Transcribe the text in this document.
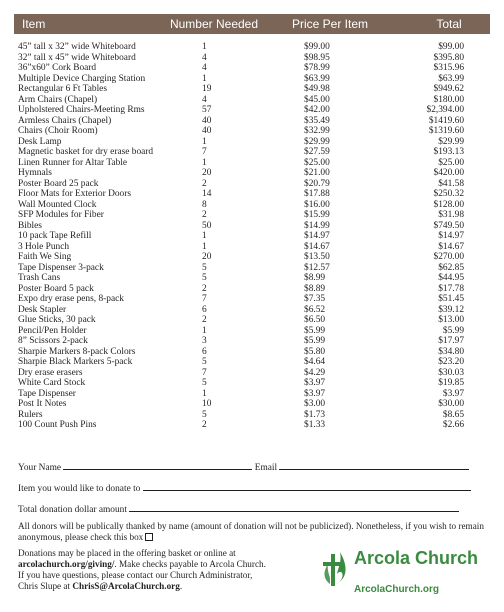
Item	Number Needed	Price Per Item	Total
45” tall x 32” wide Whiteboard	1	$99.00	$99.00
32” tall x 45” wide Whiteboard	4	$98.95	$395.80
36”x60” Cork Board	4	$78.99	$315.96
Multiple Device Charging Station	1	$63.99	$63.99
Rectangular 6 Ft Tables	19	$49.98	$949.62
Arm Chairs (Chapel)	4	$45.00	$180.00
Upholstered Chairs-Meeting Rms	57	$42.00	$2,394.00
Armless Chairs (Chapel)	40	$35.49	$1419.60
Chairs (Choir Room)	40	$32.99	$1319.60
Desk Lamp	1	$29.99	$29.99
Magnetic basket for dry erase board	7	$27.59	$193.13
Linen Runner for Altar Table	1	$25.00	$25.00
Hymnals	20	$21.00	$420.00
Poster Board 25 pack	2	$20.79	$41.58
Floor Mats for Exterior Doors	14	$17.88	$250.32
Wall Mounted Clock	8	$16.00	$128.00
SFP Modules for Fiber	2	$15.99	$31.98
Bibles	50	$14.99	$749.50
10 pack Tape Refill	1	$14.97	$14.97
3 Hole Punch	1	$14.67	$14.67
Faith We Sing	20	$13.50	$270.00
Tape Dispenser 3-pack	5	$12.57	$62.85
Trash Cans	5	$8.99	$44.95
Poster Board 5 pack	2	$8.89	$17.78
Expo dry erase pens, 8-pack	7	$7.35	$51.45
Desk Stapler	6	$6.52	$39.12
Glue Sticks, 30 pack	2	$6.50	$13.00
Pencil/Pen Holder	1	$5.99	$5.99
8” Scissors 2-pack	3	$5.99	$17.97
Sharpie Markers 8-pack Colors	6	$5.80	$34.80
Sharpie Black Markers 5-pack	5	$4.64	$23.20
Dry erase erasers	7	$4.29	$30.03
White Card Stock	5	$3.97	$19.85
Tape Dispenser	1	$3.97	$3.97
Post It Notes	10	$3.00	$30.00
Rulers	5	$1.73	$8.65
100 Count Push Pins	2	$1.33	$2.66
Your Name	Email
Item you would like to donate to
Total donation dollar amount
All donors will be publically thanked by name (amount of donation will not be publicized). Nonetheless, if you wish to remain anonymous, please check this box
Donations may be placed in the offering basket or online at
arcolachurch.org/giving/. Make checks payable to Arcola Church.
If you have questions, please contact our Church Administrator,
Chris Slupe at ChrisS@ArcolaChurch.org.
Arcola Church
ArcolaChurch.org
